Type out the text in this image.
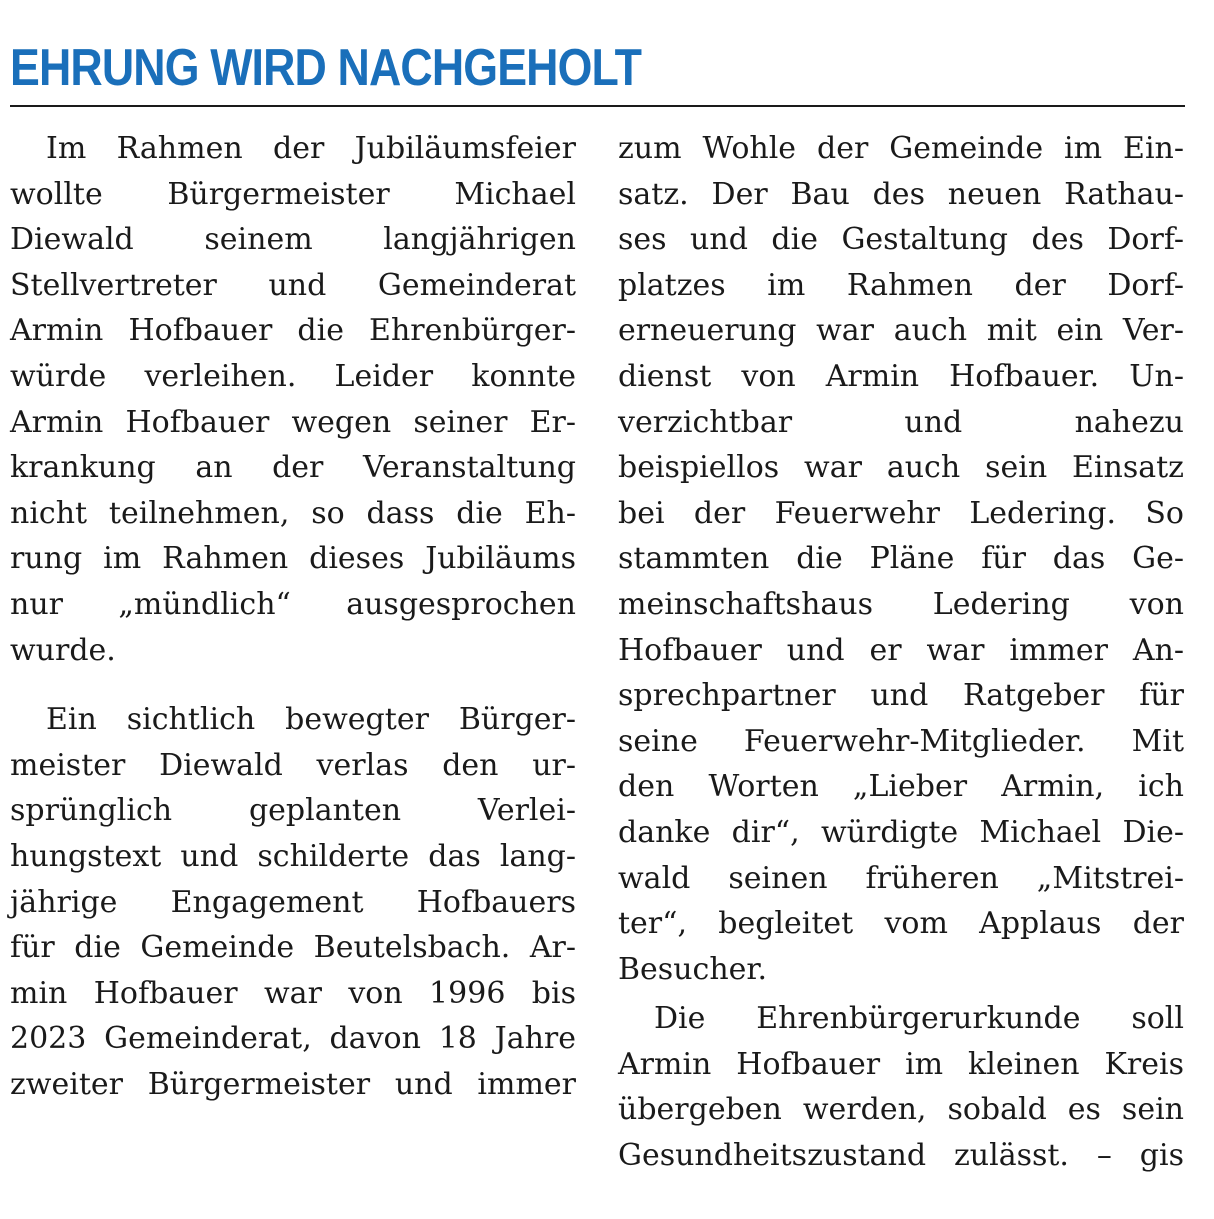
EHRUNG WIRD NACHGEHOLT
Im Rahmen der Jubiläumsfeier
wollte Bürgermeister Michael
Diewald seinem langjährigen
Stellvertreter und Gemeinderat
Armin Hofbauer die Ehrenbürger-
würde verleihen. Leider konnte
Armin Hofbauer wegen seiner Er-
krankung an der Veranstaltung
nicht teilnehmen, so dass die Eh-
rung im Rahmen dieses Jubiläums
nur „mündlich“ ausgesprochen
wurde.
Ein sichtlich bewegter Bürger-
meister Diewald verlas den ur-
sprünglich geplanten Verlei-
hungstext und schilderte das lang-
jährige Engagement Hofbauers
für die Gemeinde Beutelsbach. Ar-
min Hofbauer war von 1996 bis
2023 Gemeinderat, davon 18 Jahre
zweiter Bürgermeister und immer
zum Wohle der Gemeinde im Ein-
satz. Der Bau des neuen Rathau-
ses und die Gestaltung des Dorf-
platzes im Rahmen der Dorf-
erneuerung war auch mit ein Ver-
dienst von Armin Hofbauer. Un-
verzichtbar und nahezu
beispiellos war auch sein Einsatz
bei der Feuerwehr Ledering. So
stammten die Pläne für das Ge-
meinschaftshaus Ledering von
Hofbauer und er war immer An-
sprechpartner und Ratgeber für
seine Feuerwehr-Mitglieder. Mit
den Worten „Lieber Armin, ich
danke dir“, würdigte Michael Die-
wald seinen früheren „Mitstrei-
ter“, begleitet vom Applaus der
Besucher.
Die Ehrenbürgerurkunde soll
Armin Hofbauer im kleinen Kreis
übergeben werden, sobald es sein
Gesundheitszustand zulässt. – gis
